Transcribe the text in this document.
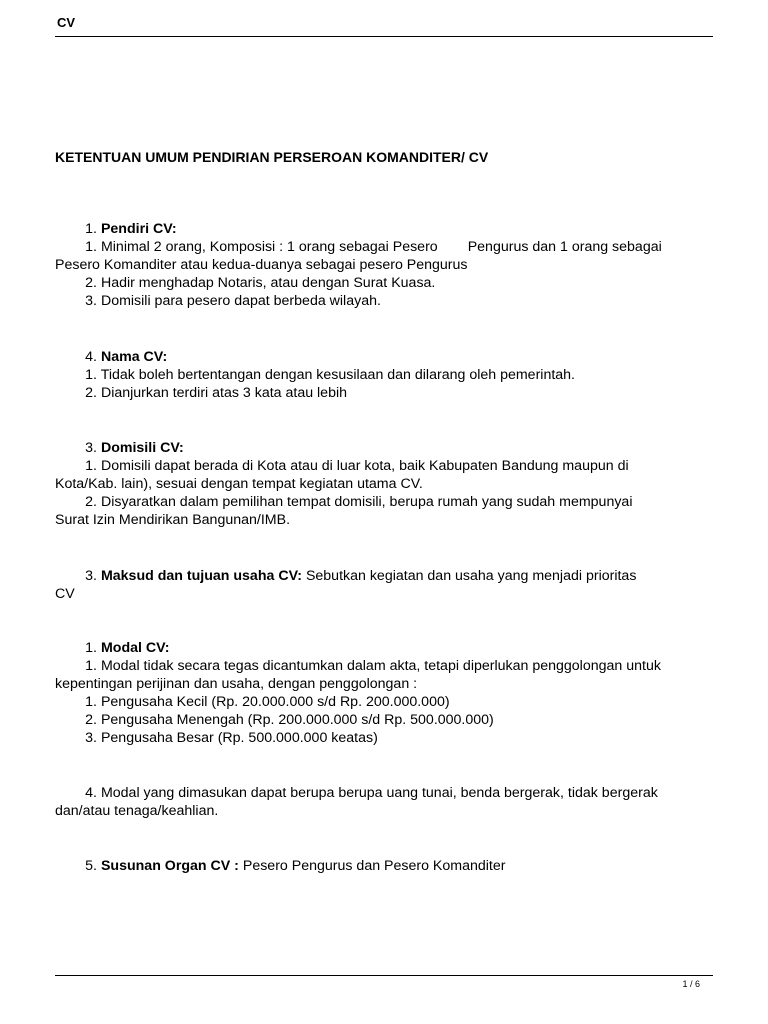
CV
KETENTUAN UMUM PENDIRIAN PERSEROAN KOMANDITER/ CV
1. Pendiri CV:
1. Minimal 2 orang, Komposisi : 1 orang sebagai Pesero Pengurus dan 1 orang sebagai
Pesero Komanditer atau kedua-duanya sebagai pesero Pengurus
2. Hadir menghadap Notaris, atau dengan Surat Kuasa.
3. Domisili para pesero dapat berbeda wilayah.
4. Nama CV:
1. Tidak boleh bertentangan dengan kesusilaan dan dilarang oleh pemerintah.
2. Dianjurkan terdiri atas 3 kata atau lebih
3. Domisili CV:
1. Domisili dapat berada di Kota atau di luar kota, baik Kabupaten Bandung maupun di
Kota/Kab. lain), sesuai dengan tempat kegiatan utama CV.
2. Disyaratkan dalam pemilihan tempat domisili, berupa rumah yang sudah mempunyai
Surat Izin Mendirikan Bangunan/IMB.
3. Maksud dan tujuan usaha CV: Sebutkan kegiatan dan usaha yang menjadi prioritas
CV
1. Modal CV:
1. Modal tidak secara tegas dicantumkan dalam akta, tetapi diperlukan penggolongan untuk
kepentingan perijinan dan usaha, dengan penggolongan :
1. Pengusaha Kecil (Rp. 20.000.000 s/d Rp. 200.000.000)
2. Pengusaha Menengah (Rp. 200.000.000 s/d Rp. 500.000.000)
3. Pengusaha Besar (Rp. 500.000.000 keatas)
4. Modal yang dimasukan dapat berupa berupa uang tunai, benda bergerak, tidak bergerak
dan/atau tenaga/keahlian.
5. Susunan Organ CV : Pesero Pengurus dan Pesero Komanditer
1 / 6
